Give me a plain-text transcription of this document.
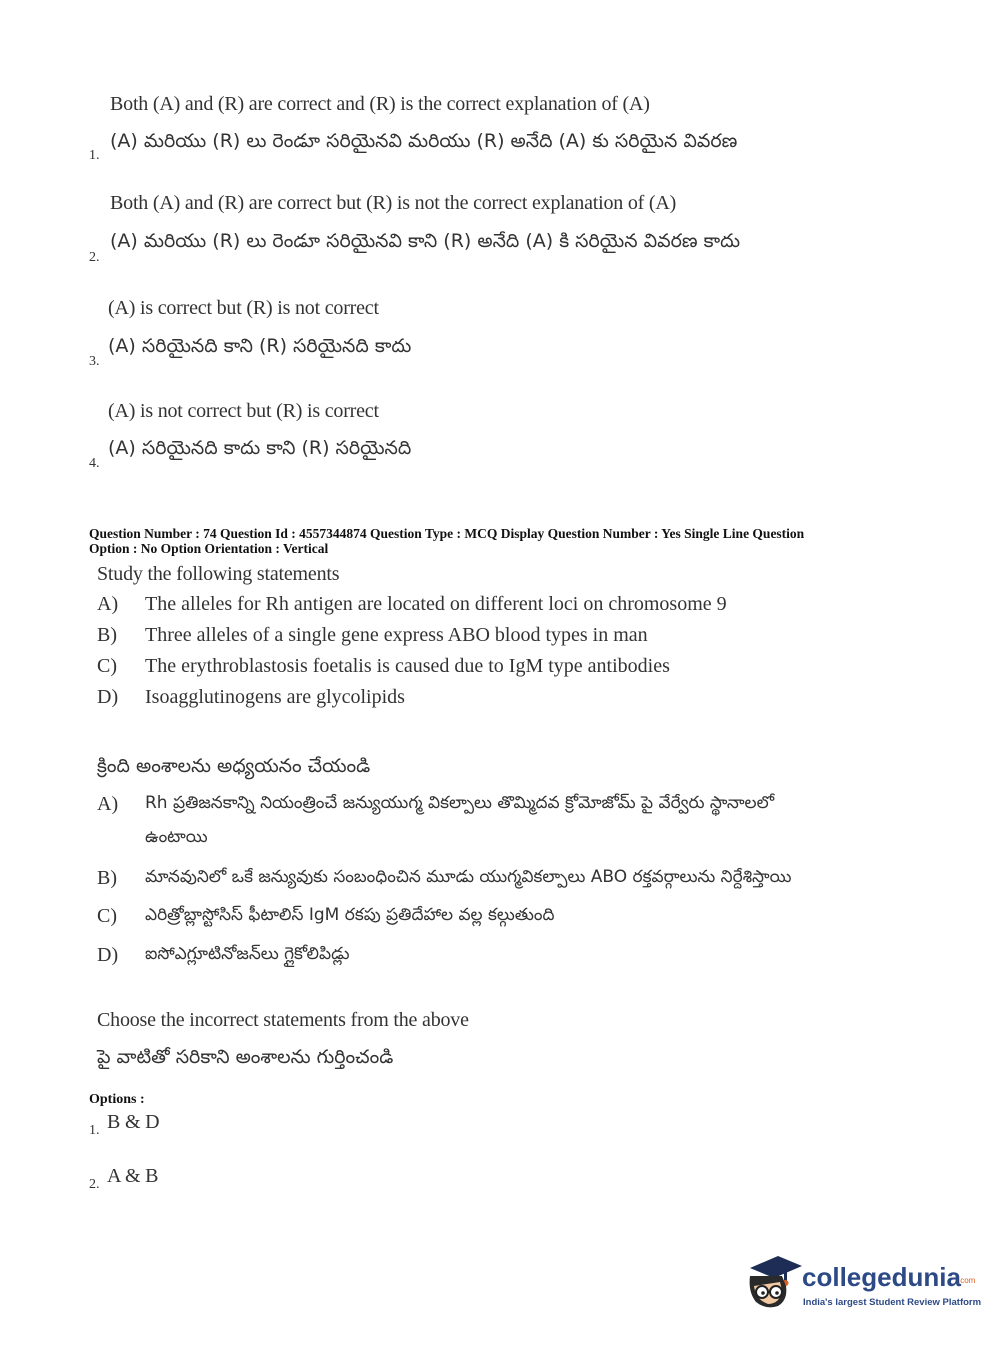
Both (A) and (R) are correct and (R) is the correct explanation of (A)
(A) మరియు (R) లు రెండూ సరియైనవి మరియు (R) అనేది (A) కు సరియైన వివరణ
1.
Both (A) and (R) are correct but (R) is not the correct explanation of (A)
(A) మరియు (R) లు రెండూ సరియైనవి కాని (R) అనేది (A) కి సరియైన వివరణ కాదు
2.
(A) is correct but (R) is not correct
(A) సరియైనది కాని (R) సరియైనది కాదు
3.
(A) is not correct but (R) is correct
(A) సరియైనది కాదు కాని (R) సరియైనది
4.
Question Number : 74 Question Id : 4557344874 Question Type : MCQ Display Question Number : Yes Single Line Question
Option : No Option Orientation : Vertical
Study the following statements
A) The alleles for Rh antigen are located on different loci on chromosome 9
B) Three alleles of a single gene express ABO blood types in man
C) The erythroblastosis foetalis is caused due to IgM type antibodies
D) Isoagglutinogens are glycolipids
క్రింది అంశాలను అధ్యయనం చేయండి
A) Rh ప్రతిజనకాన్ని నియంత్రించే జన్యుయుగ్మ వికల్పాలు తొమ్మిదవ క్రోమోజోమ్ పై వేర్వేరు స్థానాలలో
ఉంటాయి
B) మానవునిలో ఒకే జన్యువుకు సంబంధించిన మూడు యుగ్మవికల్పాలు ABO రక్తవర్గాలును నిర్దేశిస్తాయి
C) ఎరిత్రోబ్లాస్టోసిస్ ఫీటాలిస్ IgM రకపు ప్రతిదేహాల వల్ల కల్గుతుంది
D) ఐసోఎగ్లూటినోజన్‌లు గ్లైకోలిపిడ్లు
Choose the incorrect statements from the above
పై వాటితో సరికాని అంశాలను గుర్తించండి
Options :
1. B & D
2. A & B
collegedunia
.com
India's largest Student Review Platform
